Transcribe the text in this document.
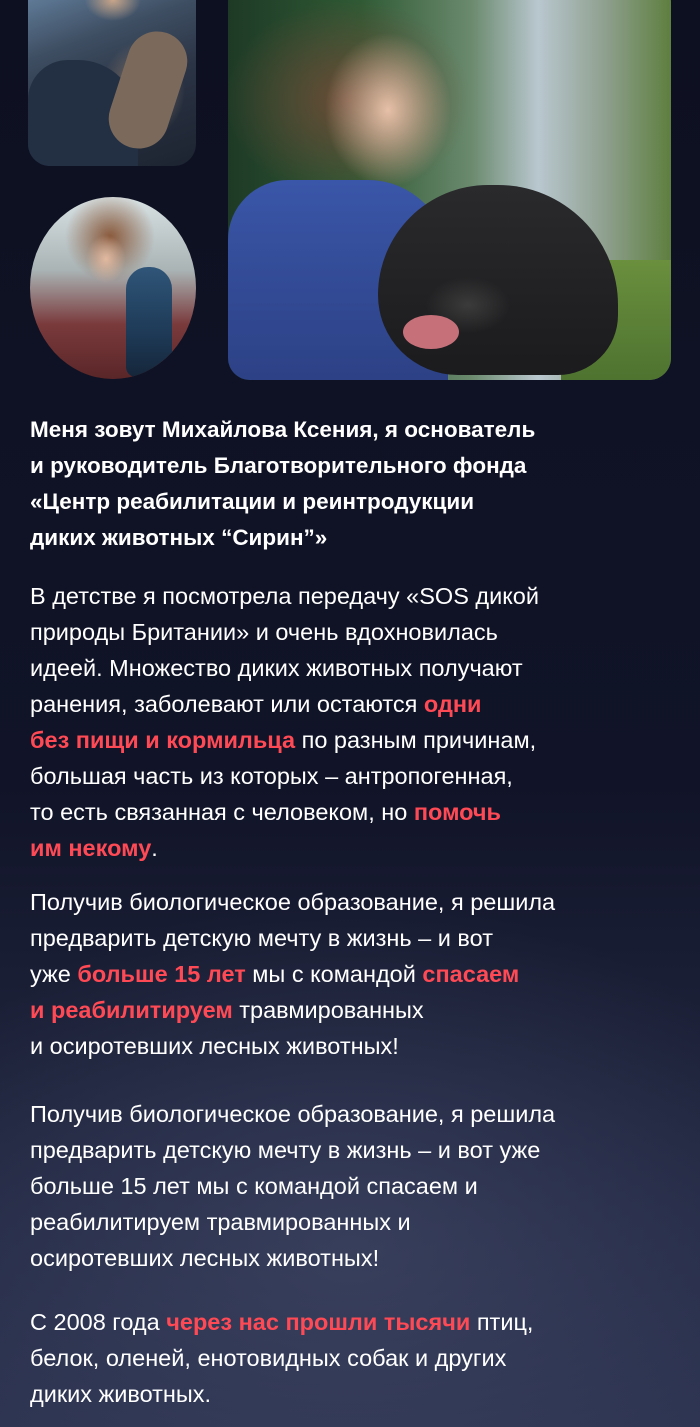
Меня зовут Михайлова Ксения, я основатель
и руководитель Благотворительного фонда
«Центр реабилитации и реинтродукции
диких животных “Сирин”»
В детстве я посмотрела передачу «SOS дикой
природы Британии» и очень вдохновилась
идеей. Множество диких животных получают
ранения, заболевают или остаются одни
без пищи и кормильца по разным причинам,
большая часть из которых – антропогенная,
то есть связанная с человеком, но помочь
им некому.
Получив биологическое образование, я решила
предварить детскую мечту в жизнь – и вот
уже больше 15 лет мы с командой спасаем
и реабилитируем травмированных
и осиротевших лесных животных!
Получив биологическое образование, я решила
предварить детскую мечту в жизнь – и вот уже
больше 15 лет мы с командой спасаем и
реабилитируем травмированных и
осиротевших лесных животных!
С 2008 года через нас прошли тысячи птиц,
белок, оленей, енотовидных собак и других
диких животных.
